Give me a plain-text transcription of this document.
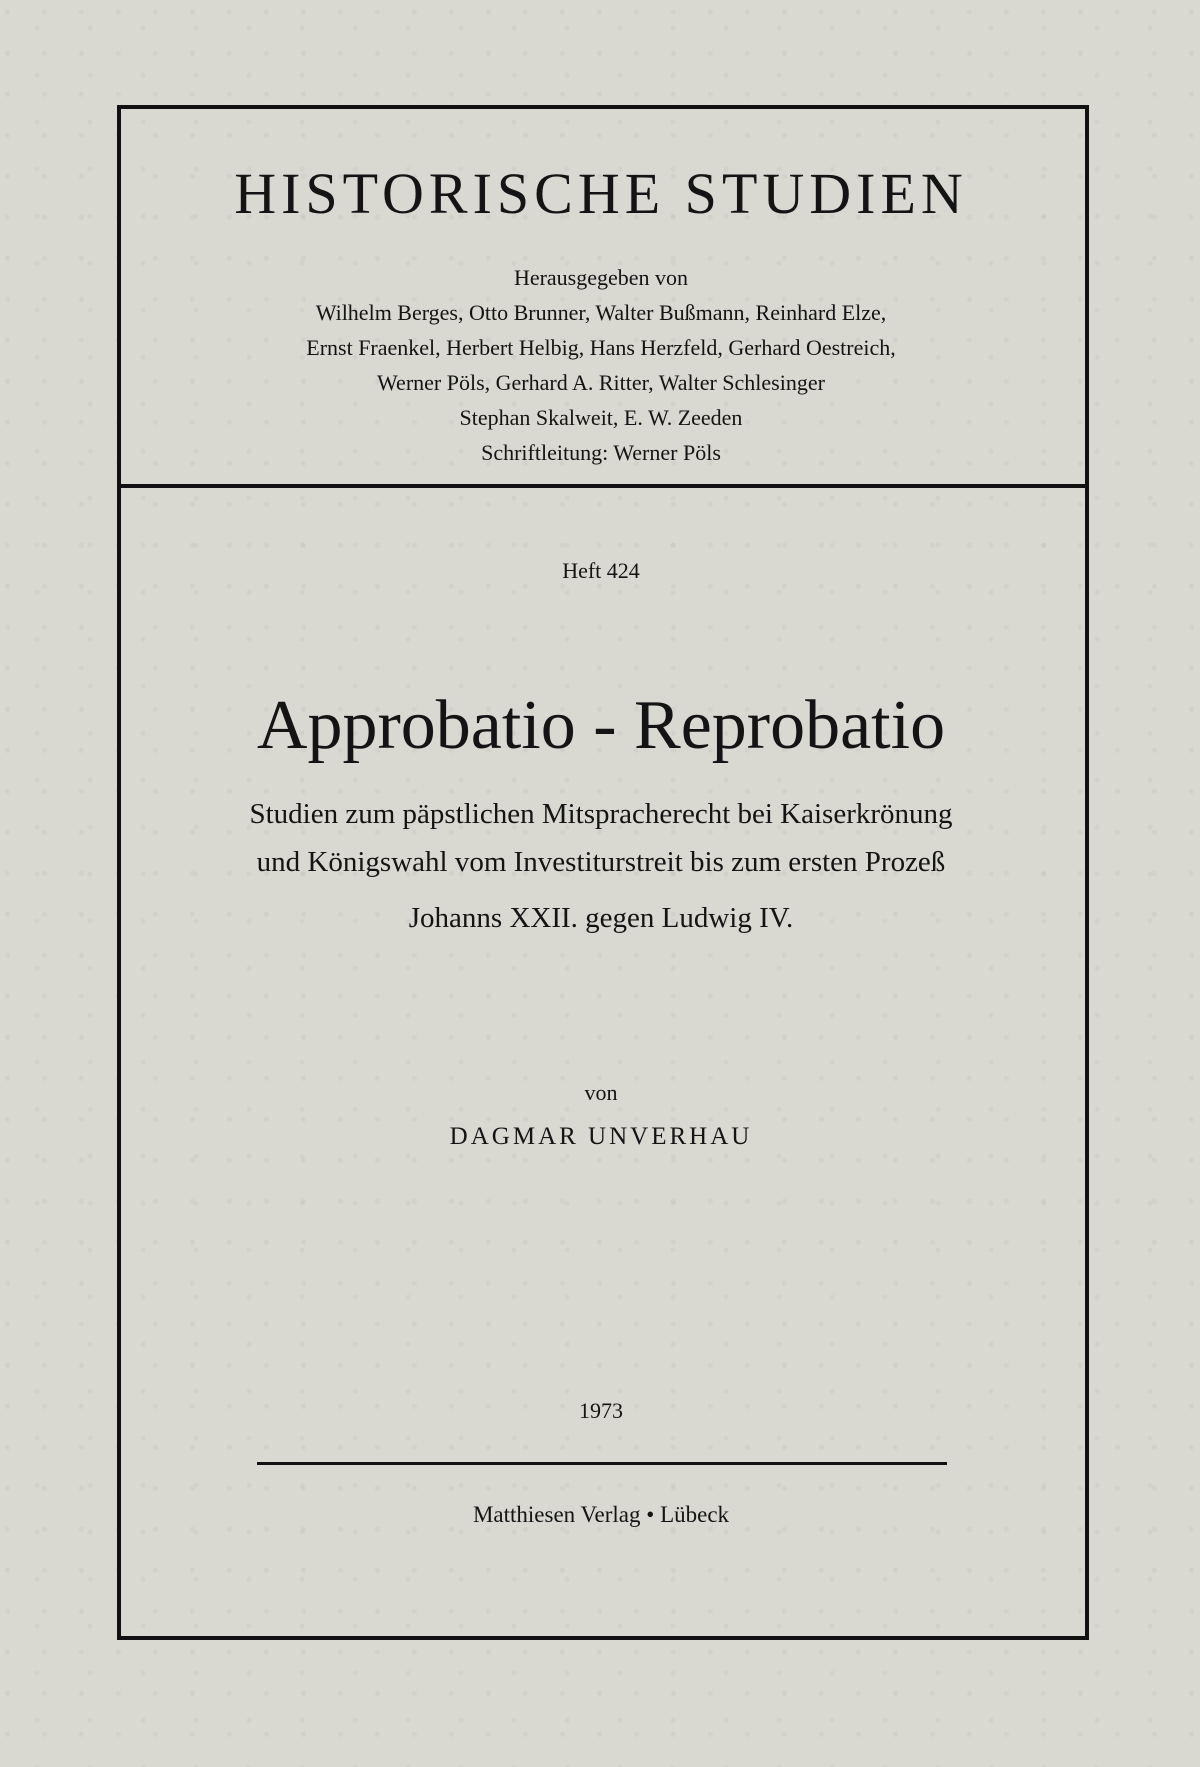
HISTORISCHE STUDIEN
Herausgegeben von
Wilhelm Berges, Otto Brunner, Walter Bußmann, Reinhard Elze,
Ernst Fraenkel, Herbert Helbig, Hans Herzfeld, Gerhard Oestreich,
Werner Pöls, Gerhard A. Ritter, Walter Schlesinger
Stephan Skalweit, E. W. Zeeden
Schriftleitung: Werner Pöls
Heft 424
Approbatio - Reprobatio
Studien zum päpstlichen Mitspracherecht bei Kaiserkrönung
und Königswahl vom Investiturstreit bis zum ersten Prozeß
Johanns XXII. gegen Ludwig IV.
von
DAGMAR UNVERHAU
1973
Matthiesen Verlag • Lübeck
